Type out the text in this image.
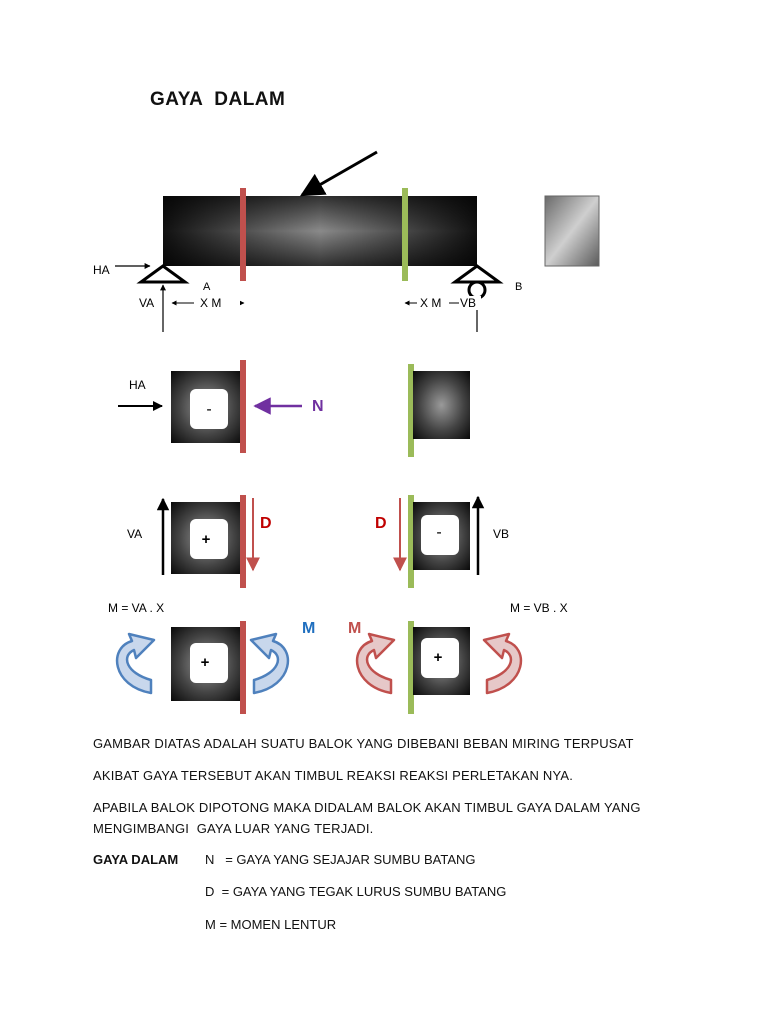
GAYA  DALAM
HA
A	B
VA	X M	X M VB
HA
-	N
VA	+
D	D
-	VB
M = VA . X	M = VB . X
M M
+	+
GAMBAR DIATAS ADALAH SUATU BALOK YANG DIBEBANI BEBAN MIRING TERPUSAT
AKIBAT GAYA TERSEBUT AKAN TIMBUL REAKSI REAKSI PERLETAKAN NYA.
APABILA BALOK DIPOTONG MAKA DIDALAM BALOK AKAN TIMBUL GAYA DALAM YANG
MENGIMBANGI  GAYA LUAR YANG TERJADI.
GAYA DALAM N   = GAYA YANG SEJAJAR SUMBU BATANG
D  = GAYA YANG TEGAK LURUS SUMBU BATANG
M = MOMEN LENTUR
